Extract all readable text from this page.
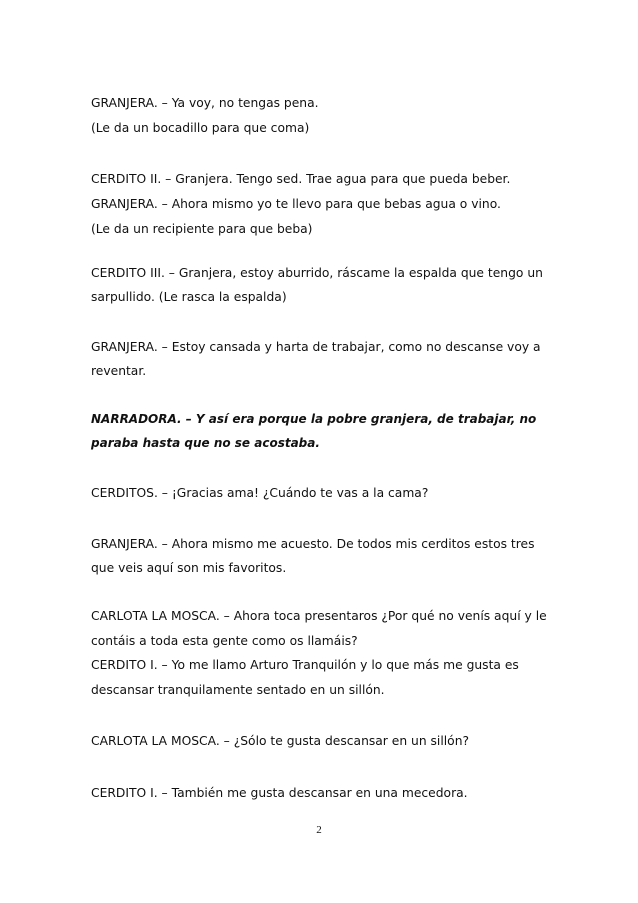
GRANJERA. – Ya voy, no tengas pena.
(Le da un bocadillo para que coma)
CERDITO II. – Granjera. Tengo sed. Trae agua para que pueda beber.
GRANJERA. – Ahora mismo yo te llevo para que bebas agua o vino.
(Le da un recipiente para que beba)
CERDITO III. – Granjera, estoy aburrido, ráscame la espalda que tengo un
sarpullido. (Le rasca la espalda)
GRANJERA. – Estoy cansada y harta de trabajar, como no descanse voy a
reventar.
NARRADORA. – Y así era porque la pobre granjera, de trabajar, no
paraba hasta que no se acostaba.
CERDITOS. – ¡Gracias ama! ¿Cuándo te vas a la cama?
GRANJERA. – Ahora mismo me acuesto. De todos mis cerditos estos tres
que veis aquí son mis favoritos.
CARLOTA LA MOSCA. – Ahora toca presentaros ¿Por qué no venís aquí y le
contáis a toda esta gente como os llamáis?
CERDITO I. – Yo me llamo Arturo Tranquilón y lo que más me gusta es
descansar tranquilamente sentado en un sillón.
CARLOTA LA MOSCA. – ¿Sólo te gusta descansar en un sillón?
CERDITO I. – También me gusta descansar en una mecedora.
2
